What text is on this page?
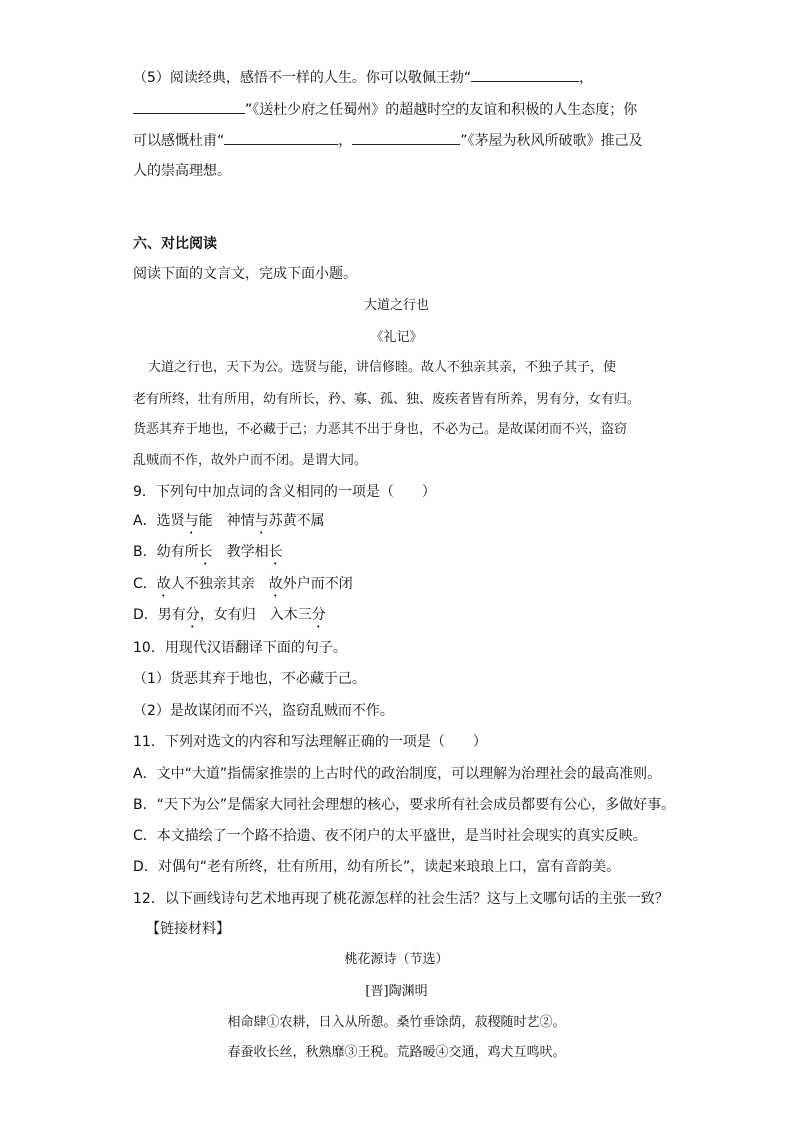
（5）阅读经典，感悟不一样的人生。你可以敬佩王勃“	，
”《送杜少府之任蜀州》的超越时空的友谊和积极的人生态度；你
可以感慨杜甫“	，	”《茅屋为秋风所破歌》推己及
人的崇高理想。
六、对比阅读
阅读下面的文言文，完成下面小题。
大道之行也
《礼记》
大道之行也，天下为公。选贤与能，讲信修睦。故人不独亲其亲，不独子其子，使
老有所终，壮有所用，幼有所长，矜、寡、孤、独、废疾者皆有所养，男有分，女有归。
货恶其弃于地也，不必藏于己；力恶其不出于身也，不必为己。是故谋闭而不兴，盗窃
乱贼而不作，故外户而不闭。是谓大同。
9．下列句中加点词的含义相同的一项是（　　）
A．选贤与能　神情与苏黄不属
B．幼有所长　教学相长
C．故人不独亲其亲　故外户而不闭
D．男有分，女有归　入木三分
10．用现代汉语翻译下面的句子。
（1）货恶其弃于地也，不必藏于己。
（2）是故谋闭而不兴，盗窃乱贼而不作。
11．下列对选文的内容和写法理解正确的一项是（　　）
A．文中“大道”指儒家推崇的上古时代的政治制度，可以理解为治理社会的最高准则。
B．“天下为公”是儒家大同社会理想的核心，要求所有社会成员都要有公心，多做好事。
C．本文描绘了一个路不拾遗、夜不闭户的太平盛世，是当时社会现实的真实反映。
D．对偶句“老有所终，壮有所用，幼有所长”，读起来琅琅上口，富有音韵美。
12．以下画线诗句艺术地再现了桃花源怎样的社会生活？这与上文哪句话的主张一致？
【链接材料】
桃花源诗（节选）
[晋]陶渊明
相命肆①农耕，日入从所憩。桑竹垂馀荫，菽稷随时艺②。
春蚕收长丝，秋熟靡③王税。荒路暧④交通，鸡犬互鸣吠。
